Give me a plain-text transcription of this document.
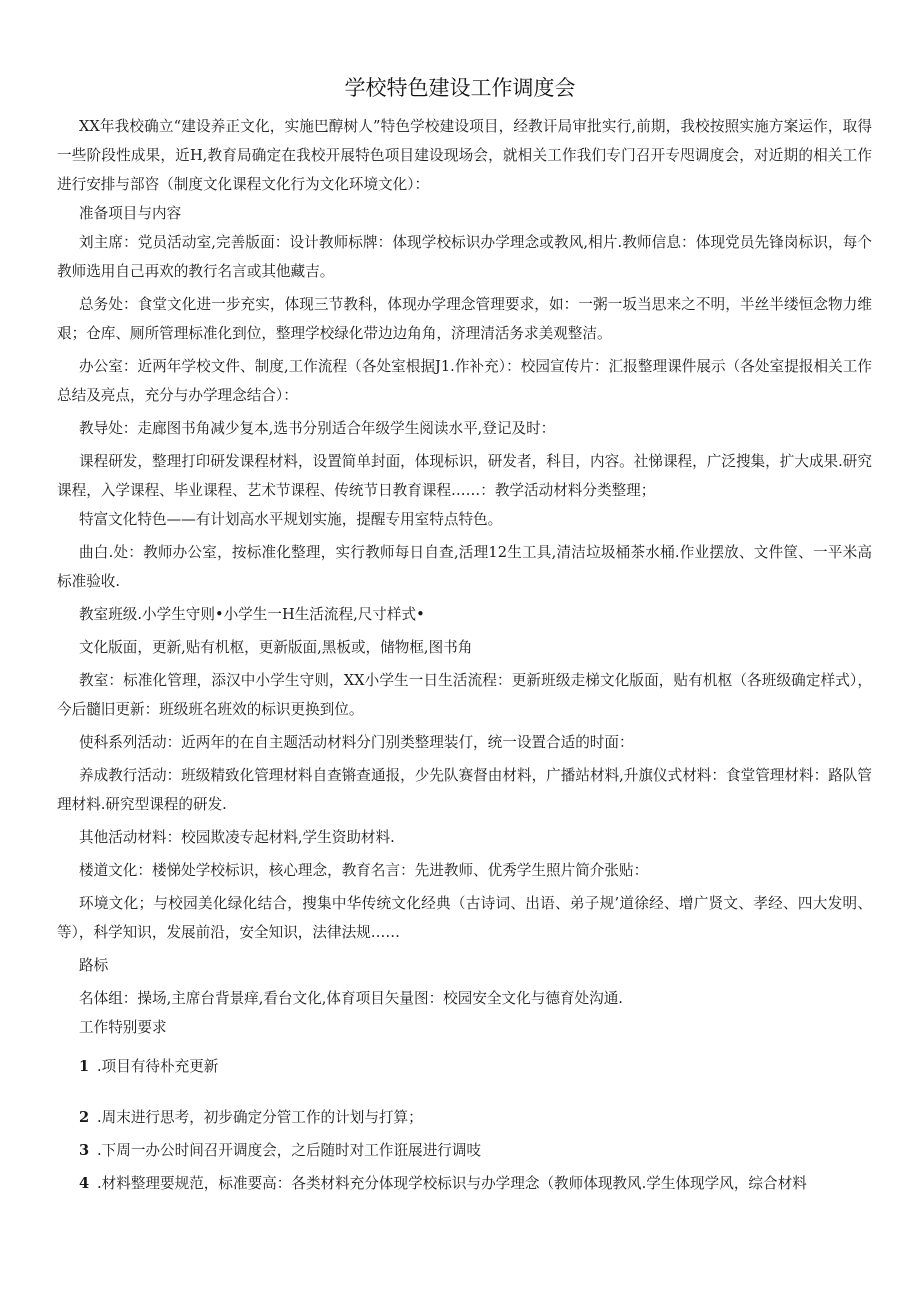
学校特色建设工作调度会

XX年我校确立“建设养正文化，实施巴醇树人”特色学校建设项目，经教讦局审批实行,前期，我校按照实施方案运作，取得一些阶段性成果，近H,教育局确定在我校开展特色项目建设现场会，就相关工作我们专门召开专咫调度会，对近期的相关工作进行安排与部咨（制度文化课程文化行为文化环境文化）：

准备项目与内容

刘主席：党员活动室,完善版面：设计教师标牌：体现学校标识办学理念或教风,相片.教师信息：体现党员先锋岗标识，每个教师选用自己再欢的教行名言或其他藏吉。

总务处：食堂文化进一步充实，体现三节教科，体现办学理念管理要求，如：一粥一坂当思来之不明，半丝半缕恒念物力维艰；仓库、厕所管理标准化到位，整理学校绿化带边边角角，济理清活务求美观整洁。

办公室：近两年学校文件、制度,工作流程（各处室根据J1.作补充）：校园宣传片：汇报整理课件展示（各处室提报相关工作总结及亮点，充分与办学理念结合）：

教导处：走廊图书角减少复本,选书分别适合年级学生阅读水平,登记及时：

课程研发，整理打印研发课程材料，设置简单封面，体现标识，研发者，科目，内容。社悌课程，广泛搜集，扩大成果.研究课程，入学课程、毕业课程、艺术节课程、传统节日教育课程……：教学活动材料分类整理；

特富文化特色——有计划高水平规划实施，提醒专用室特点特色。

曲白.处：教师办公室，按标准化整理，实行教师每日自查,活理12生工具,清洁垃圾桶茶水桶.作业摆放、文件筐、一平米高标准验收.

教室班级.小学生守则•小学生一H生活流程,尺寸样式•

文化版面，更新,贴有机枢，更新版面,黑板或，储物框,图书角

教室：标准化管理，添汉中小学生守则，XX小学生一日生活流程：更新班级走梯文化版面，贴有机枢（各班级确定样式），今后髓旧更新：班级班名班效的标识更换到位。

使科系列活动：近两年的在自主题活动材料分门别类整理装仃，统一设置合适的时面：

养成教行活动：班级精致化管理材料自查锵查通报，少先队赛督由材料，广播站材料,升旗仪式材料：食堂管理材料：路队管理材料.研究型课程的研发.

其他活动材料：校园欺凌专起材料,学生资助材料.

楼道文化：楼悌处学校标识，核心理念，教育名言：先进教师、优秀学生照片简介张贴：

环境文化；与校园美化绿化结合，搜集中华传统文化经典（古诗词、出语、弟子规’道徐经、增广贤文、孝经、四大发明、等），科学知识，发展前沿，安全知识，法律法规……

路标

名体组：操场,主席台背景痒,看台文化,体育项目矢量图：校园安全文化与德育处沟通.

工作特别要求

1 .项目有待朴充更新

2 .周末进行思考，初步确定分管工作的计划与打算；

3 .下周一办公时间召开调度会，之后随时对工作诳展进行调吱

4 .材料整理要规范，标准要高：各类材料充分体现学校标识与办学理念（教师体现教风.学生体现学风，综合材料
